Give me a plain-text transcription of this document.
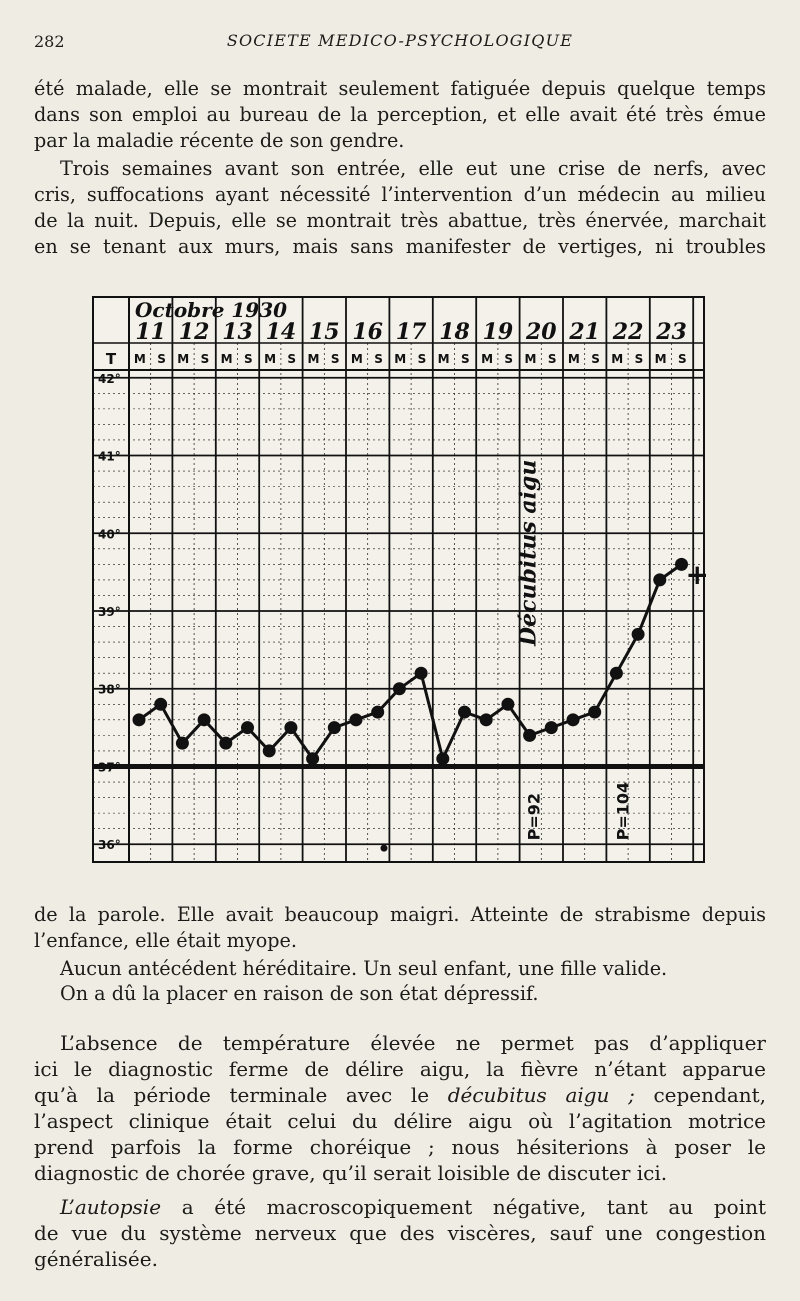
282	SOCIETE MEDICO-PSYCHOLOGIQUE
été malade, elle se montrait seulement fatiguée depuis quelque temps
dans son emploi au bureau de la perception, et elle avait été très émue
par la maladie récente de son gendre.
Trois semaines avant son entrée, elle eut une crise de nerfs, avec
cris, suffocations ayant nécessité l’intervention d’un médecin au milieu
de la nuit. Depuis, elle se montrait très abattue, très énervée, marchait
en se tenant aux murs, mais sans manifester de vertiges, ni troubles
Octobre 1930
11
M S
12
M S
13
M S
14
M S
15
M S
16
M S
17
M S
18
M S
19
M S
20
M S
21
M S
22
M S
23
M S
T
42°
41°
40°
39°
38°
37°
36°
Décubitus aigu
P=92	P=104
+
de la parole. Elle avait beaucoup maigri. Atteinte de strabisme depuis
l’enfance, elle était myope.
Aucun antécédent héréditaire. Un seul enfant, une fille valide.
On a dû la placer en raison de son état dépressif.
L’absence de température élevée ne permet pas d’appliquer
ici le diagnostic ferme de délire aigu, la fièvre n’étant apparue
qu’à la période terminale avec le décubitus aigu ; cependant,
l’aspect clinique était celui du délire aigu où l’agitation motrice
prend parfois la forme choréique ; nous hésiterions à poser le
diagnostic de chorée grave, qu’il serait loisible de discuter ici.
L’autopsie a été macroscopiquement négative, tant au point
de vue du système nerveux que des viscères, sauf une congestion
généralisée.
